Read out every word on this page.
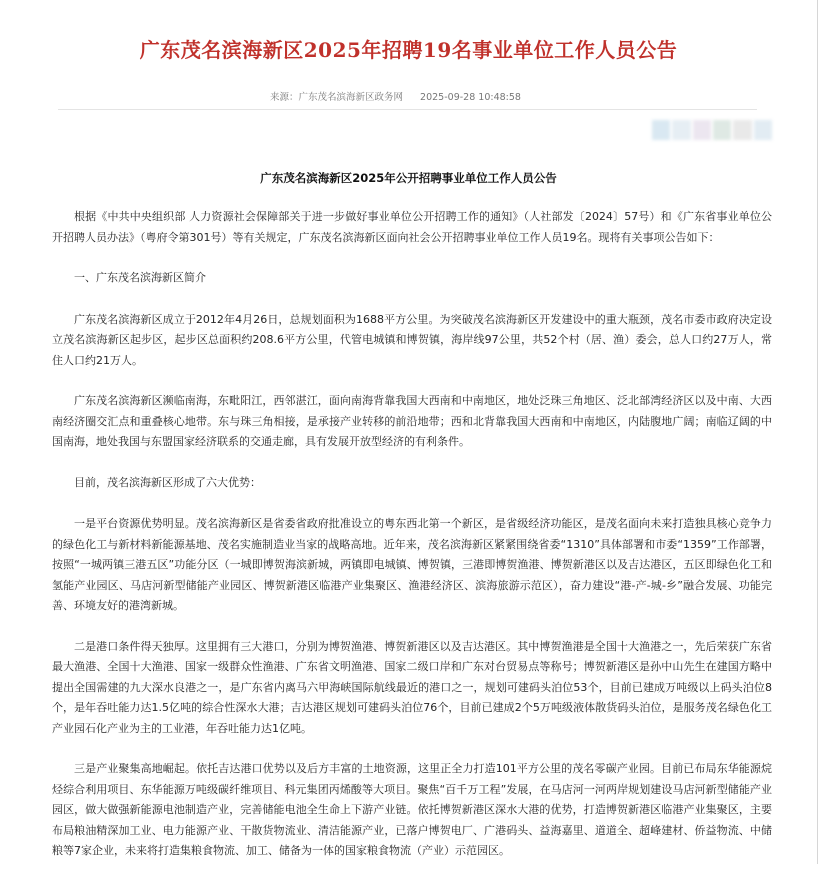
广东茂名滨海新区2025年招聘19名事业单位工作人员公告
来源：广东茂名滨海新区政务网 2025-09-28 10:48:58
广东茂名滨海新区2025年公开招聘事业单位工作人员公告

根据《中共中央组织部 人力资源社会保障部关于进一步做好事业单位公开招聘工作的通知》（人社部发〔2024〕57号）和《广东省事业单位公开招聘人员办法》（粤府令第301号）等有关规定，广东茂名滨海新区面向社会公开招聘事业单位工作人员19名。现将有关事项公告如下：

一、广东茂名滨海新区简介

广东茂名滨海新区成立于2012年4月26日，总规划面积为1688平方公里。为突破茂名滨海新区开发建设中的重大瓶颈，茂名市委市政府决定设立茂名滨海新区起步区，起步区总面积约208.6平方公里，代管电城镇和博贺镇，海岸线97公里，共52个村（居、渔）委会，总人口约27万人，常住人口约21万人。

广东茂名滨海新区濒临南海，东毗阳江，西邻湛江，面向南海背靠我国大西南和中南地区，地处泛珠三角地区、泛北部湾经济区以及中南、大西南经济圈交汇点和重叠核心地带。东与珠三角相接，是承接产业转移的前沿地带；西和北背靠我国大西南和中南地区，内陆腹地广阔；南临辽阔的中国南海，地处我国与东盟国家经济联系的交通走廊，具有发展开放型经济的有利条件。

目前，茂名滨海新区形成了六大优势：

一是平台资源优势明显。茂名滨海新区是省委省政府批准设立的粤东西北第一个新区，是省级经济功能区，是茂名面向未来打造独具核心竞争力的绿色化工与新材料新能源基地、茂名实施制造业当家的战略高地。近年来，茂名滨海新区紧紧围绕省委“1310”具体部署和市委“1359”工作部署，按照“一城两镇三港五区”功能分区（一城即博贺海滨新城，两镇即电城镇、博贺镇，三港即博贺渔港、博贺新港区以及吉达港区，五区即绿色化工和氢能产业园区、马店河新型储能产业园区、博贺新港区临港产业集聚区、渔港经济区、滨海旅游示范区），奋力建设“港-产-城-乡”融合发展、功能完善、环境友好的港湾新城。

二是港口条件得天独厚。这里拥有三大港口，分别为博贺渔港、博贺新港区以及吉达港区。其中博贺渔港是全国十大渔港之一，先后荣获广东省最大渔港、全国十大渔港、国家一级群众性渔港、广东省文明渔港、国家二级口岸和广东对台贸易点等称号；博贺新港区是孙中山先生在建国方略中提出全国需建的九大深水良港之一，是广东省内离马六甲海峡国际航线最近的港口之一，规划可建码头泊位53个，目前已建成万吨级以上码头泊位8个，是年吞吐能力达1.5亿吨的综合性深水大港；吉达港区规划可建码头泊位76个，目前已建成2个5万吨级液体散货码头泊位，是服务茂名绿色化工产业园石化产业为主的工业港，年吞吐能力达1亿吨。

三是产业聚集高地崛起。依托吉达港口优势以及后方丰富的土地资源，这里正全力打造101平方公里的茂名零碳产业园。目前已布局东华能源烷烃综合利用项目、东华能源万吨级碳纤维项目、科元集团丙烯酸等大项目。聚焦“百千万工程”发展，在马店河一河两岸规划建设马店河新型储能产业园区，做大做强新能源电池制造产业，完善储能电池全生命上下游产业链。依托博贺新港区深水大港的优势，打造博贺新港区临港产业集聚区，主要布局粮油精深加工业、电力能源产业、干散货物流业、清洁能源产业，已落户博贺电厂、广港码头、益海嘉里、道道全、超峰建材、侨益物流、中储粮等7家企业，未来将打造集粮食物流、加工、储备为一体的国家粮食物流（产业）示范园区。
